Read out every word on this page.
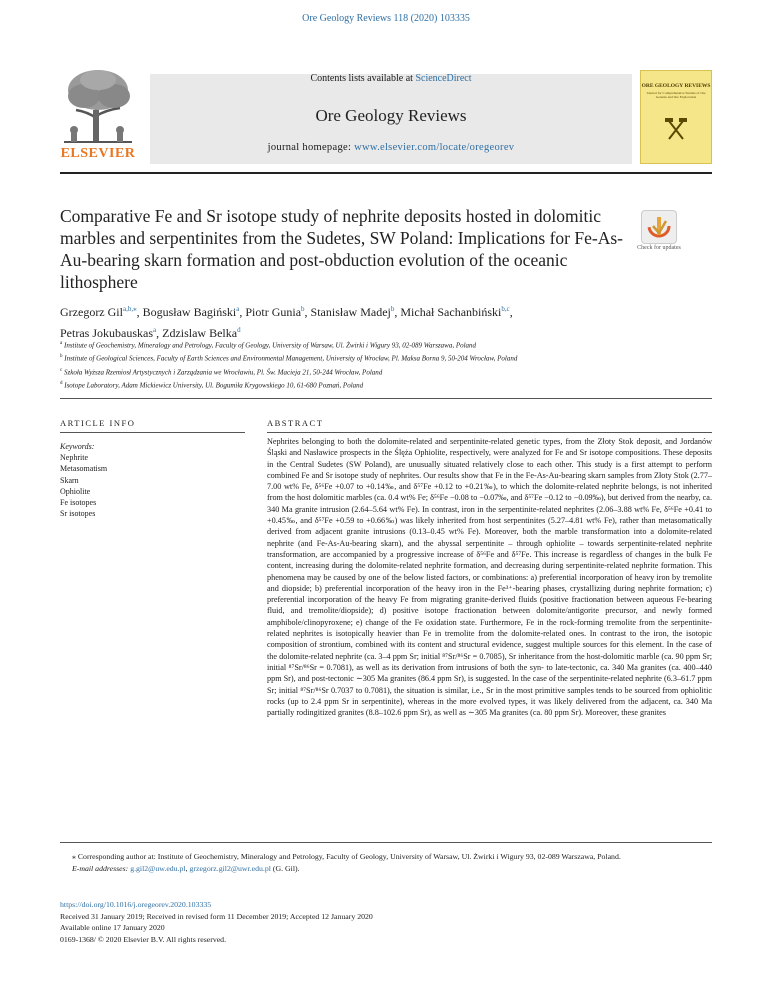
Ore Geology Reviews 118 (2020) 103335
ELSEVIER
Contents lists available at ScienceDirect
Ore Geology Reviews
journal homepage: www.elsevier.com/locate/oregeorev
ORE GEOLOGY REVIEWS
Journal for Comprehensive Studies of Ore Genesis and Ore Exploration
Comparative Fe and Sr isotope study of nephrite deposits hosted in dolomitic marbles and serpentinites from the Sudetes, SW Poland: Implications for Fe-As-Au-bearing skarn formation and post-obduction evolution of the oceanic lithosphere
Check for updates
Grzegorz Gil$^{a,b,⁎}$, Bogusław Bagiński$^a$, Piotr Gunia$^b$, Stanisław Madej$^b$, Michał Sachanbiński$^{b,c}$,
Petras Jokubauskas$^a$, Zdzislaw Belka$^d$
$^a$ Institute of Geochemistry, Mineralogy and Petrology, Faculty of Geology, University of Warsaw, Ul. Żwirki i Wigury 93, 02-089 Warszawa, Poland
$^b$ Institute of Geological Sciences, Faculty of Earth Sciences and Environmental Management, University of Wrocław, Pl. Maksa Borna 9, 50-204 Wrocław, Poland
$^c$ Szkoła Wyższa Rzemiosł Artystycznych i Zarządzania we Wrocławiu, Pl. Św. Macieja 21, 50-244 Wrocław, Poland
$^d$ Isotope Laboratory, Adam Mickiewicz University, Ul. Bogumiła Krygowskiego 10, 61-680 Poznań, Poland
ARTICLE INFO	ABSTRACT
Keywords:
Nephrite
Metasomatism
Skarn
Ophiolite
Fe isotopes
Sr isotopes
Nephrites belonging to both the dolomite-related and serpentinite-related genetic types, from the Złoty Stok deposit, and Jordanów Śląski and Nasławice prospects in the Ślęża Ophiolite, respectively, were analyzed for Fe and Sr isotope compositions. These deposits in the Central Sudetes (SW Poland), are unusually situated relatively close to each other. This study is a first attempt to perform combined Fe and Sr isotope study of nephrites. Our results show that Fe in the Fe-As-Au-bearing skarn samples from Złoty Stok (2.77–7.00 wt% Fe, δ⁵⁶Fe +0.07 to +0.14‰, and δ⁵⁷Fe +0.12 to +0.21‰), to which the dolomite-related nephrite belongs, is not inherited from the host dolomitic marbles (ca. 0.4 wt% Fe; δ⁵⁶Fe −0.08 to −0.07‰, and δ⁵⁷Fe −0.12 to −0.09‰), but derived from the nearby, ca. 340 Ma granite intrusion (2.64–5.64 wt% Fe). In contrast, iron in the serpentinite-related nephrites (2.06–3.88 wt% Fe, δ⁵⁶Fe +0.41 to +0.45‰, and δ⁵⁷Fe +0.59 to +0.66‰) was likely inherited from host serpentinites (5.27–4.81 wt% Fe), rather than metasomatically derived from adjacent granite intrusions (0.13–0.45 wt% Fe). Moreover, both the marble transformation into a dolomite-related nephrite (and Fe-As-Au-bearing skarn), and the abyssal serpentinite – through ophiolite – towards serpentinite-related nephrite transformation, are accompanied by a progressive increase of δ⁵⁶Fe and δ⁵⁷Fe. This increase is regardless of changes in the bulk Fe content, increasing during the dolomite-related nephrite formation, and decreasing during serpentinite-related nephrite formation. This phenomena may be caused by one of the below listed factors, or combinations: a) preferential incorporation of heavy iron by tremolite and diopside; b) preferential incorporation of the heavy iron in the Fe³⁺-bearing phases, crystallizing during nephrite formation; c) preferential incorporation of the heavy Fe from migrating granite-derived fluids (positive fractionation between aqueous Fe-bearing fluid, and tremolite/diopside); d) positive isotope fractionation between dolomite/antigorite precursor, and newly formed amphibole/clinopyroxene; e) change of the Fe oxidation state. Furthermore, Fe in the rock-forming tremolite from the serpentinite-related nephrites is isotopically heavier than Fe in tremolite from the dolomite-related ones. In contrast to the iron, the isotopic composition of strontium, combined with its content and structural evidence, suggest multiple sources for this element. In the case of the dolomite-related nephrite (ca. 3–4 ppm Sr; initial ⁸⁷Sr/⁸⁶Sr = 0.7085), Sr inheritance from the host-dolomitic marble (ca. 90 ppm Sr; initial ⁸⁷Sr/⁸⁶Sr = 0.7081), as well as its derivation from intrusions of both the syn- to late-tectonic, ca. 340 Ma granites (ca. 400–440 ppm Sr), and post-tectonic ∼305 Ma granites (86.4 ppm Sr), is suggested. In the case of the serpentinite-related nephrite (6.3–61.7 ppm Sr; initial ⁸⁷Sr/⁸⁶Sr 0.7037 to 0.7081), the situation is similar, i.e., Sr in the most primitive samples tends to be sourced from ophiolitic rocks (up to 2.4 ppm Sr in serpentinite), whereas in the more evolved types, it was likely delivered from the adjacent, ca. 340 Ma partially rodingitized granites (8.8–102.6 ppm Sr), as well as ∼305 Ma granites (ca. 80 ppm Sr). Moreover, these granites
⁎ Corresponding author at: Institute of Geochemistry, Mineralogy and Petrology, Faculty of Geology, University of Warsaw, Ul. Żwirki i Wigury 93, 02-089 Warszawa, Poland.
E-mail addresses: g.gil2@uw.edu.pl, grzegorz.gil2@uwr.edu.pl (G. Gil).
https://doi.org/10.1016/j.oregeorev.2020.103335
Received 31 January 2019; Received in revised form 11 December 2019; Accepted 12 January 2020
Available online 17 January 2020
0169-1368/ © 2020 Elsevier B.V. All rights reserved.
